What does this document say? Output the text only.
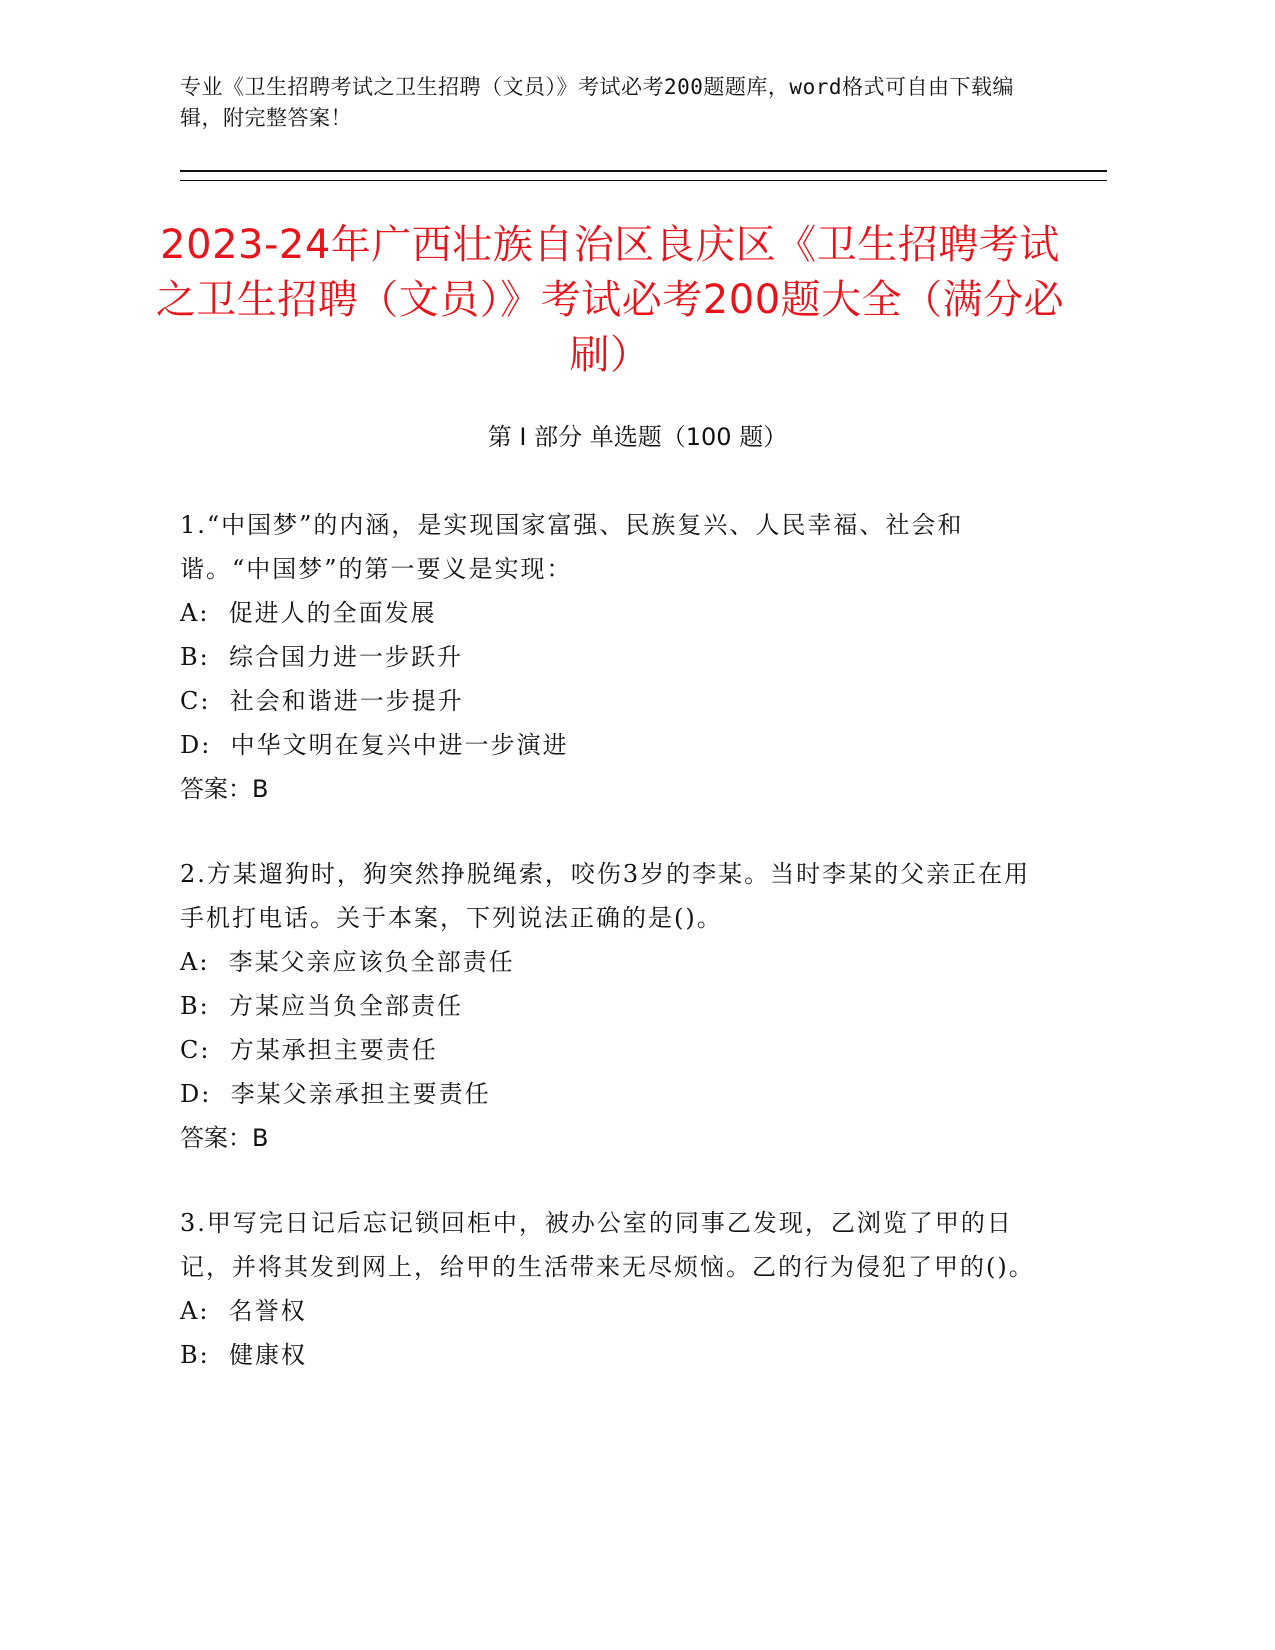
专业《卫生招聘考试之卫生招聘（文员）》考试必考200题题库，word格式可自由下载编辑，附完整答案！
2023-24年广西壮族自治区良庆区《卫生招聘考试之卫生招聘（文员）》考试必考200题大全（满分必刷）
第 I 部分 单选题（100 题）
1.“中国梦”的内涵，是实现国家富强、民族复兴、人民幸福、社会和谐。“中国梦”的第一要义是实现：
A:  促进人的全面发展
B:  综合国力进一步跃升
C:  社会和谐进一步提升
D:  中华文明在复兴中进一步演进
答案：B
2.方某遛狗时，狗突然挣脱绳索，咬伤3岁的李某。当时李某的父亲正在用手机打电话。关于本案，下列说法正确的是()。
A:  李某父亲应该负全部责任
B:  方某应当负全部责任
C:  方某承担主要责任
D:  李某父亲承担主要责任
答案：B
3.甲写完日记后忘记锁回柜中，被办公室的同事乙发现，乙浏览了甲的日记，并将其发到网上，给甲的生活带来无尽烦恼。乙的行为侵犯了甲的()。
A:  名誉权
B:  健康权
